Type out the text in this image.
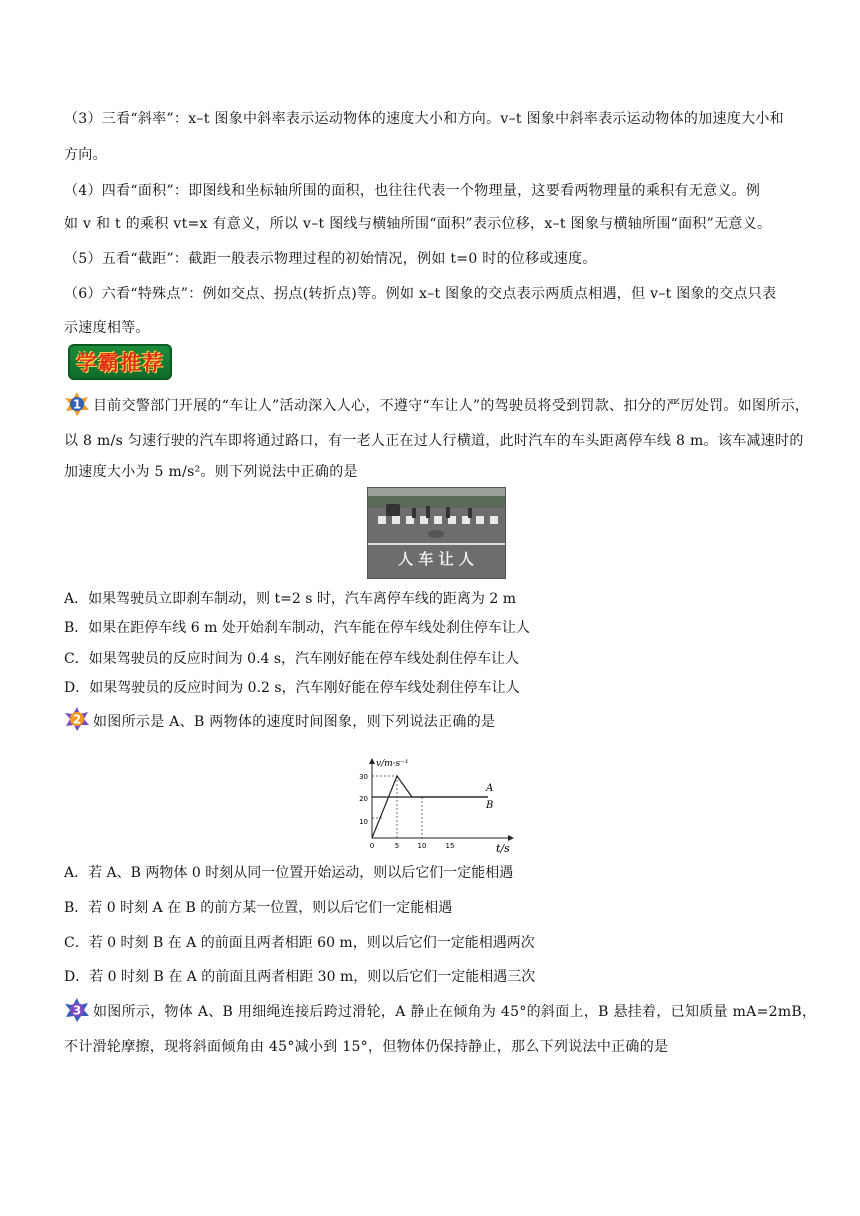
（3）三看“斜率”：x–t 图象中斜率表示运动物体的速度大小和方向。v–t 图象中斜率表示运动物体的加速度大小和
方向。
（4）四看“面积”：即图线和坐标轴所围的面积，也往往代表一个物理量，这要看两物理量的乘积有无意义。例
如 v 和 t 的乘积 vt=x 有意义，所以 v–t 图线与横轴所围“面积”表示位移，x–t 图象与横轴所围“面积”无意义。
（5）五看“截距”：截距一般表示物理过程的初始情况，例如 t=0 时的位移或速度。
（6）六看“特殊点”：例如交点、拐点(转折点)等。例如 x–t 图象的交点表示两质点相遇，但 v–t 图象的交点只表
示速度相等。
学霸推荐
1 目前交警部门开展的“车让人”活动深入人心，不遵守“车让人”的驾驶员将受到罚款、扣分的严厉处罚。如图所示，
以 8 m/s 匀速行驶的汽车即将通过路口，有一老人正在过人行横道，此时汽车的车头距离停车线 8 m。该车减速时的
加速度大小为 5 m/s²。则下列说法中正确的是
人 车 让 人
A．如果驾驶员立即刹车制动，则 t=2 s 时，汽车离停车线的距离为 2 m
B．如果在距停车线 6 m 处开始刹车制动，汽车能在停车线处刹住停车让人
C．如果驾驶员的反应时间为 0.4 s，汽车刚好能在停车线处刹住停车让人
D．如果驾驶员的反应时间为 0.2 s，汽车刚好能在停车线处刹住停车让人
2 如图所示是 A、B 两物体的速度时间图象，则下列说法正确的是
10
20
30
0	5	10	15
A
B
v/m·s⁻¹
t/s
A．若 A、B 两物体 0 时刻从同一位置开始运动，则以后它们一定能相遇
B．若 0 时刻 A 在 B 的前方某一位置，则以后它们一定能相遇
C．若 0 时刻 B 在 A 的前面且两者相距 60 m，则以后它们一定能相遇两次
D．若 0 时刻 B 在 A 的前面且两者相距 30 m，则以后它们一定能相遇三次
3 如图所示，物体 A、B 用细绳连接后跨过滑轮，A 静止在倾角为 45°的斜面上，B 悬挂着，已知质量 mA=2mB，
不计滑轮摩擦，现将斜面倾角由 45°减小到 15°，但物体仍保持静止，那么下列说法中正确的是
